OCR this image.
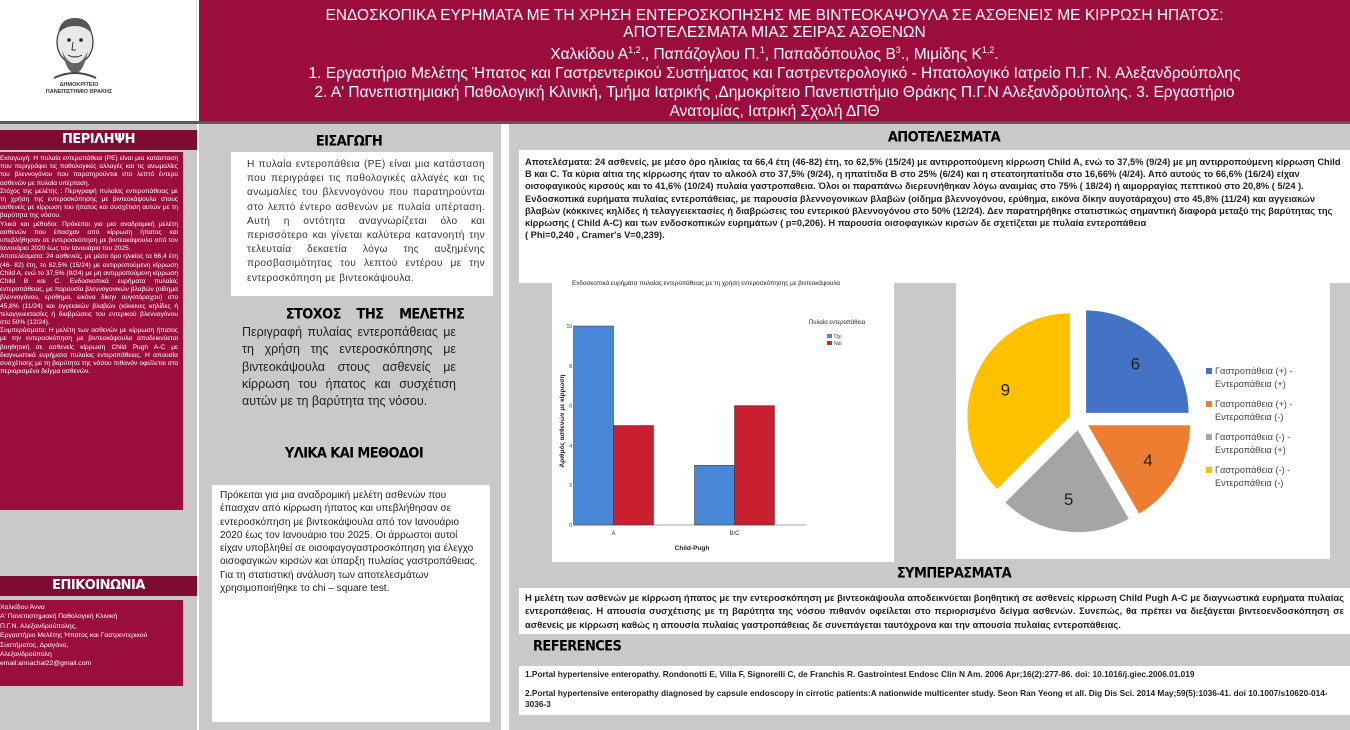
ΔΗΜΟΚΡΙΤΕΙΟ ΠΑΝΕΠΙΣΤΗΜΙΟ ΘΡΑΚΗΣ
ΕΝΔΟΣΚΟΠΙΚΑ ΕΥΡΗΜΑΤΑ ΜΕ ΤΗ ΧΡΗΣΗ ΕΝΤΕΡΟΣΚΟΠΗΣΗΣ ΜΕ ΒΙΝΤΕΟΚΑΨΟΥΛΑ ΣΕ ΑΣΘΕΝΕΙΣ ΜΕ ΚΙΡΡΩΣΗ ΗΠΑΤΟΣ:
ΑΠΟΤΕΛΕΣΜΑΤΑ ΜΙΑΣ ΣΕΙΡΑΣ ΑΣΘΕΝΩΝ
Χαλκίδου Α$^{1,2}$., Παπάζογλου Π.$^1$, Παπαδόπουλος $B^3$., Μιμίδης Κ$^{1,2}$.
1. Εργαστήριο Μελέτης Ήπατος και Γαστρεντερικού Συστήματος και Γαστρεντερολογικό - Ηπατολογικό Ιατρείο Π.Γ. Ν. Αλεξανδρούπολης
2. Α' Πανεπιστημιακή Παθολογική Κλινική, Τμήμα Ιατρικής ,Δημοκρίτειο Πανεπιστήμιο Θράκης Π.Γ.Ν Αλεξανδρούπολης. 3. Εργαστήριο
Ανατομίας, Ιατρική Σχολή ΔΠΘ
ΠΕΡΙΛΗΨΗ
Εισαγωγή: Η πυλαία εντεροπάθεια (ΡΕ) είναι μια κατάσταση που περιγράφει τις παθολογικές αλλαγές και τις ανωμαλίες του βλεννογόνου που παρατηρούνται στο λεπτό έντερο ασθενών με πυλαία υπέρταση.
Στόχος της μελέτης : Περιγραφή πυλαίας εντεροπάθειας με τη χρήση της εντεροσκόπησης με βιντεοκάψουλα στους ασθενείς με κίρρωση του ήπατος και συσχέτιση αυτών με τη βαρύτητα της νόσου.
Υλικά και μέθοδοι: Πρόκειται για μια αναδρομική μελέτη ασθενών που έπασχαν από κίρρωση ήπατος και υπεβλήθησαν σε εντεροσκόπηση με βιντεοκάψουλα από τον Ιανουάριο 2020 έως τον Ιανουάριο του 2025.
Αποτελέσματα: 24 ασθενείς, με μέσο όρο ηλικίας τα 66,4 έτη (46- 82) έτη, το 62,5% (15/24) με αντιρροπούμενη κίρρωση Child A, ενώ το 37,5% (9/24) με μη αντιρροπούμενη κίρρωση Child B και C. Ενδοσκοπικά ευρήματα πυλαίας εντεροπάθειας, με παρουσία βλεννογονικών βλαβών (οίδημα βλεννογόνου, ερύθημα, εικόνα δίκην αυγοτάραχου) στο 45,8% (11/24) και αγγειακών βλαβών (κόκκινες κηλίδες ή τελαγγειεκτασίες ή διαβρώσεις του εντερικού βλεννογόνου στο 50% (12/24).
Συμπεράσματα: Η μελέτη των ασθενών με κίρρωση ήπατος με την εντεροσκόπηση με βιντεοκάψουλα αποδεικνύεται βοηθητική σε ασθενείς κίρρωση Child Pugh A-C με διαγνωστικά ευρήματα πυλαίας εντεροπάθειας. Η απουσία συσχέτισης με τη βαρύτητα της νόσου πιθανόν οφείλεται στο περιορισμένο δείγμα ασθενών.
ΕΠΙΚΟΙΝΩΝΙΑ
Χαλκίδου Άννα
Α' Πανεπιστημιακή Παθολογική Κλινική
Π.Γ.Ν. Αλεξανδρούπολης,
Εργαστήριο Μελέτης Ήπατος και Γαστρεντερικού Συστήματος, Δραγάνα,
Αλεξανδρούπολη
email:annachal22@gmail.com
ΕΙΣΑΓΩΓΗ
Η πυλαία εντεροπάθεια (ΡΕ) είναι μια κατάσταση που περιγράφει τις παθολογικές αλλαγές και τις ανωμαλίες του βλεννογόνου που παρατηρούνται στο λεπτό έντερο ασθενών με πυλαία υπέρταση. Αυτή η οντότητα αναγνωρίζεται όλο και περισσότερο και γίνεται καλύτερα κατανοητή την τελευταία δεκαετία λόγω της αυξημένης προσβασιμότητας του λεπτού εντέρου με την εντεροσκόπηση με βιντεοκάψουλα.
ΣΤΟΧΟΣ    ΤΗΣ    ΜΕΛΕΤΗΣ
Περιγραφή πυλαίας εντεροπάθειας με τη χρήση της εντεροσκόπησης με βιντεοκάψουλα στους ασθενείς με κίρρωση του ήπατος και συσχέτιση αυτών με τη βαρύτητα της νόσου.
ΥΛΙΚΑ ΚΑΙ ΜΕΘΟΔΟΙ
Πρόκειται για μια αναδρομική μελέτη ασθενών που έπασχαν από κίρρωση ήπατος και υπεβλήθησαν σε εντεροσκόπηση με βιντεοκάψουλα από τον Ιανουάριο 2020 έως τον Ιανουάριο του 2025. Οι άρρωστοι αυτοί είχαν υποβληθεί σε οισοφαγογαστροσκόπηση για έλεγχο οισοφαγικών κιρσών και ύπαρξη πυλαίας γαστροπάθειας.
Για τη στατιστική ανάλυση των αποτελεσμάτων χρησιμοποιήθηκε το chi – square test.
ΑΠΟΤΕΛΕΣΜΑΤΑ
Αποτελέσματα: 24 ασθενείς, με μέσο όρο ηλικίας τα 66,4 έτη (46-82) έτη, το 62,5% (15/24) με αντιρροπούμενη κίρρωση Child A, ενώ το 37,5% (9/24) με μη αντιρροπούμενη κίρρωση Child B και C. Τα κύρια αίτια της κίρρωσης ήταν το αλκοόλ στο 37,5% (9/24), η ηπατίτιδα Β στο 25% (6/24) και η στεατοηπατίτιδα στο 16,66% (4/24). Από αυτούς το 66,6% (16/24) είχαν οισοφαγικούς κιρσούς και το 41,6% (10/24) πυλαία γαστροπαθεια. Όλοι οι παραπάνω διερευνήθηκαν λόγω αναιμίας στο 75% ( 18/24) ή αιμορραγίας πεπτικού στο 20,8% ( 5/24 ).
Ενδοσκοπικά ευρήματα πυλαίας εντεροπάθειας, με παρουσία βλεννογονικων βλαβών (οίδημα βλεννογόνου, ερύθημα, εικόνα δίκην αυγοτάραχου) στο 45,8% (11/24) και αγγειακών βλαβών (κόκκινες κηλίδες ή τελαγγειεκτασίες ή διαβρώσεις του εντερικού βλεννογόνου στο 50% (12/24). Δεν παρατηρήθηκε στατιστικώς σημαντική διαφορά μεταξύ της βαρύτητας της κίρρωσης ( Child A-C) και των ενδοσκοπικών ευρημάτων ( p=0,206). Η παρουσία οισοφαγικών κιρσών δε σχετίζεται με πυλαία εντεροπάθεια
( Phi=0,240 , Cramer's V=0,239).
ΣΥΜΠΕΡΑΣΜΑΤΑ
Η μελέτη των ασθενών με κίρρωση ήπατος με την εντεροσκόπηση με βιντεοκάψουλα αποδεικνύεται βοηθητική σε ασθενείς κίρρωση Child Pugh A-C με διαγνωστικά ευρήματα πυλαίας εντεροπάθειας. Η απουσία συσχέτισης με τη βαρύτητα της νόσου πιθανόν οφείλεται στο περιορισμένο δείγμα ασθενών. Συνεπώς, θα πρέπει να διεξάγεται βιντεοενδοσκόπηση σε ασθενείς με κίρρωση καθώς η απουσία πυλαίας γαστροπάθειας δε συνεπάγεται ταυτόχρονα και την απουσία πυλαίας εντεροπάθειας.
REFERENCES
1.Portal hypertensive enteropathy. Rondonotti E, Villa F, Signorelli C, de Franchis R. Gastrointest Endosc Clin N Am. 2006 Apr;16(2):277-86. doi: 10.1016/j.giec.2006.01.019
2.Portal hypertensive enteropathy diagnosed by capsule endoscopy in cirrotic patients:A nationwide multicenter study. Seon Ran Yeong et all. Dig Dis Sci. 2014 May;59(5):1036-41. doi 10.1007/s10620-014-3036-3
Ενδοσκοπικά ευρήματα πυλαίας εντεροπάθειας με τη χρήση εντεροσκόπησης με βιντεοκάψουλα
Αριθμός ασθενών με κίρρωση
Child-Pugh
Πυλαία εντεροπάθεια
0
2
4
6
8
10
A	B/C
Όχι
Ναι
6
4
5
9
Γαστροπάθεια (+) -
Εντεροπάθεια (+)
Γαστροπάθεια (+) -
Εντεροπάθεια (-)
Γαστροπάθεια (-) -
Εντεροπάθεια (+)
Γαστροπάθεια (-) -
Εντεροπάθεια (-)
